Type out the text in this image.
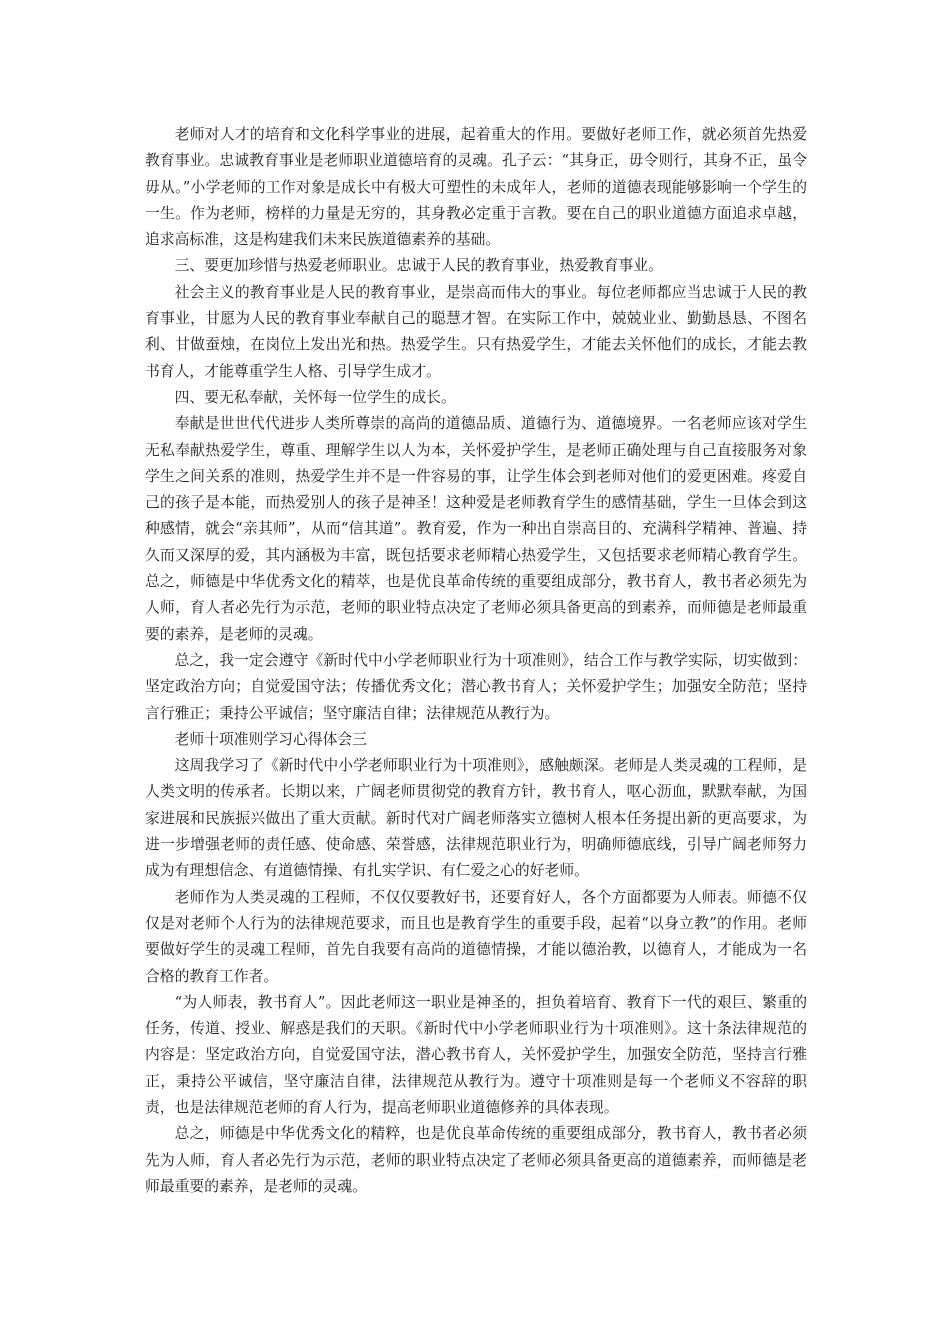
老师对人才的培育和文化科学事业的进展，起着重大的作用。要做好老师工作，就必须首先热爱教育事业。忠诚教育事业是老师职业道德培育的灵魂。孔子云：“其身正，毋令则行，其身不正，虽令毋从。”小学老师的工作对象是成长中有极大可塑性的未成年人，老师的道德表现能够影响一个学生的一生。作为老师，榜样的力量是无穷的，其身教必定重于言教。要在自己的职业道德方面追求卓越，追求高标准，这是构建我们未来民族道德素养的基础。

三、要更加珍惜与热爱老师职业。忠诚于人民的教育事业，热爱教育事业。

社会主义的教育事业是人民的教育事业，是崇高而伟大的事业。每位老师都应当忠诚于人民的教育事业，甘愿为人民的教育事业奉献自己的聪慧才智。在实际工作中，兢兢业业、勤勤恳恳、不图名利、甘做蚕烛，在岗位上发出光和热。热爱学生。只有热爱学生，才能去关怀他们的成长，才能去教书育人，才能尊重学生人格、引导学生成才。

四、要无私奉献，关怀每一位学生的成长。

奉献是世世代代进步人类所尊崇的高尚的道德品质、道德行为、道德境界。一名老师应该对学生无私奉献热爱学生，尊重、理解学生以人为本，关怀爱护学生，是老师正确处理与自己直接服务对象学生之间关系的准则，热爱学生并不是一件容易的事，让学生体会到老师对他们的爱更困难。疼爱自己的孩子是本能，而热爱别人的孩子是神圣！这种爱是老师教育学生的感情基础，学生一旦体会到这种感情，就会“亲其师”，从而“信其道”。教育爱，作为一种出自崇高目的、充满科学精神、普遍、持久而又深厚的爱，其内涵极为丰富，既包括要求老师精心热爱学生，又包括要求老师精心教育学生。总之，师德是中华优秀文化的精萃，也是优良革命传统的重要组成部分，教书育人，教书者必须先为人师，育人者必先行为示范，老师的职业特点决定了老师必须具备更高的到素养，而师德是老师最重要的素养，是老师的灵魂。

总之，我一定会遵守《新时代中小学老师职业行为十项准则》，结合工作与教学实际，切实做到：坚定政治方向；自觉爱国守法；传播优秀文化；潜心教书育人；关怀爱护学生；加强安全防范；坚持言行雅正；秉持公平诚信；坚守廉洁自律；法律规范从教行为。

老师十项准则学习心得体会三

这周我学习了《新时代中小学老师职业行为十项准则》，感触颇深。老师是人类灵魂的工程师，是人类文明的传承者。长期以来，广阔老师贯彻党的教育方针，教书育人，呕心沥血，默默奉献，为国家进展和民族振兴做出了重大贡献。新时代对广阔老师落实立德树人根本任务提出新的更高要求，为进一步增强老师的责任感、使命感、荣誉感，法律规范职业行为，明确师德底线，引导广阔老师努力成为有理想信念、有道德情操、有扎实学识、有仁爱之心的好老师。

老师作为人类灵魂的工程师，不仅仅要教好书，还要育好人，各个方面都要为人师表。师德不仅仅是对老师个人行为的法律规范要求，而且也是教育学生的重要手段，起着“以身立教”的作用。老师要做好学生的灵魂工程师，首先自我要有高尚的道德情操，才能以德治教，以德育人，才能成为一名合格的教育工作者。

“为人师表，教书育人”。因此老师这一职业是神圣的，担负着培育、教育下一代的艰巨、繁重的任务，传道、授业、解惑是我们的天职。《新时代中小学老师职业行为十项准则》。这十条法律规范的内容是：坚定政治方向，自觉爱国守法，潜心教书育人，关怀爱护学生，加强安全防范，坚持言行雅正，秉持公平诚信，坚守廉洁自律，法律规范从教行为。遵守十项准则是每一个老师义不容辞的职责，也是法律规范老师的育人行为，提高老师职业道德修养的具体表现。

总之，师德是中华优秀文化的精粹，也是优良革命传统的重要组成部分，教书育人，教书者必须先为人师，育人者必先行为示范，老师的职业特点决定了老师必须具备更高的道德素养，而师德是老师最重要的素养，是老师的灵魂。
